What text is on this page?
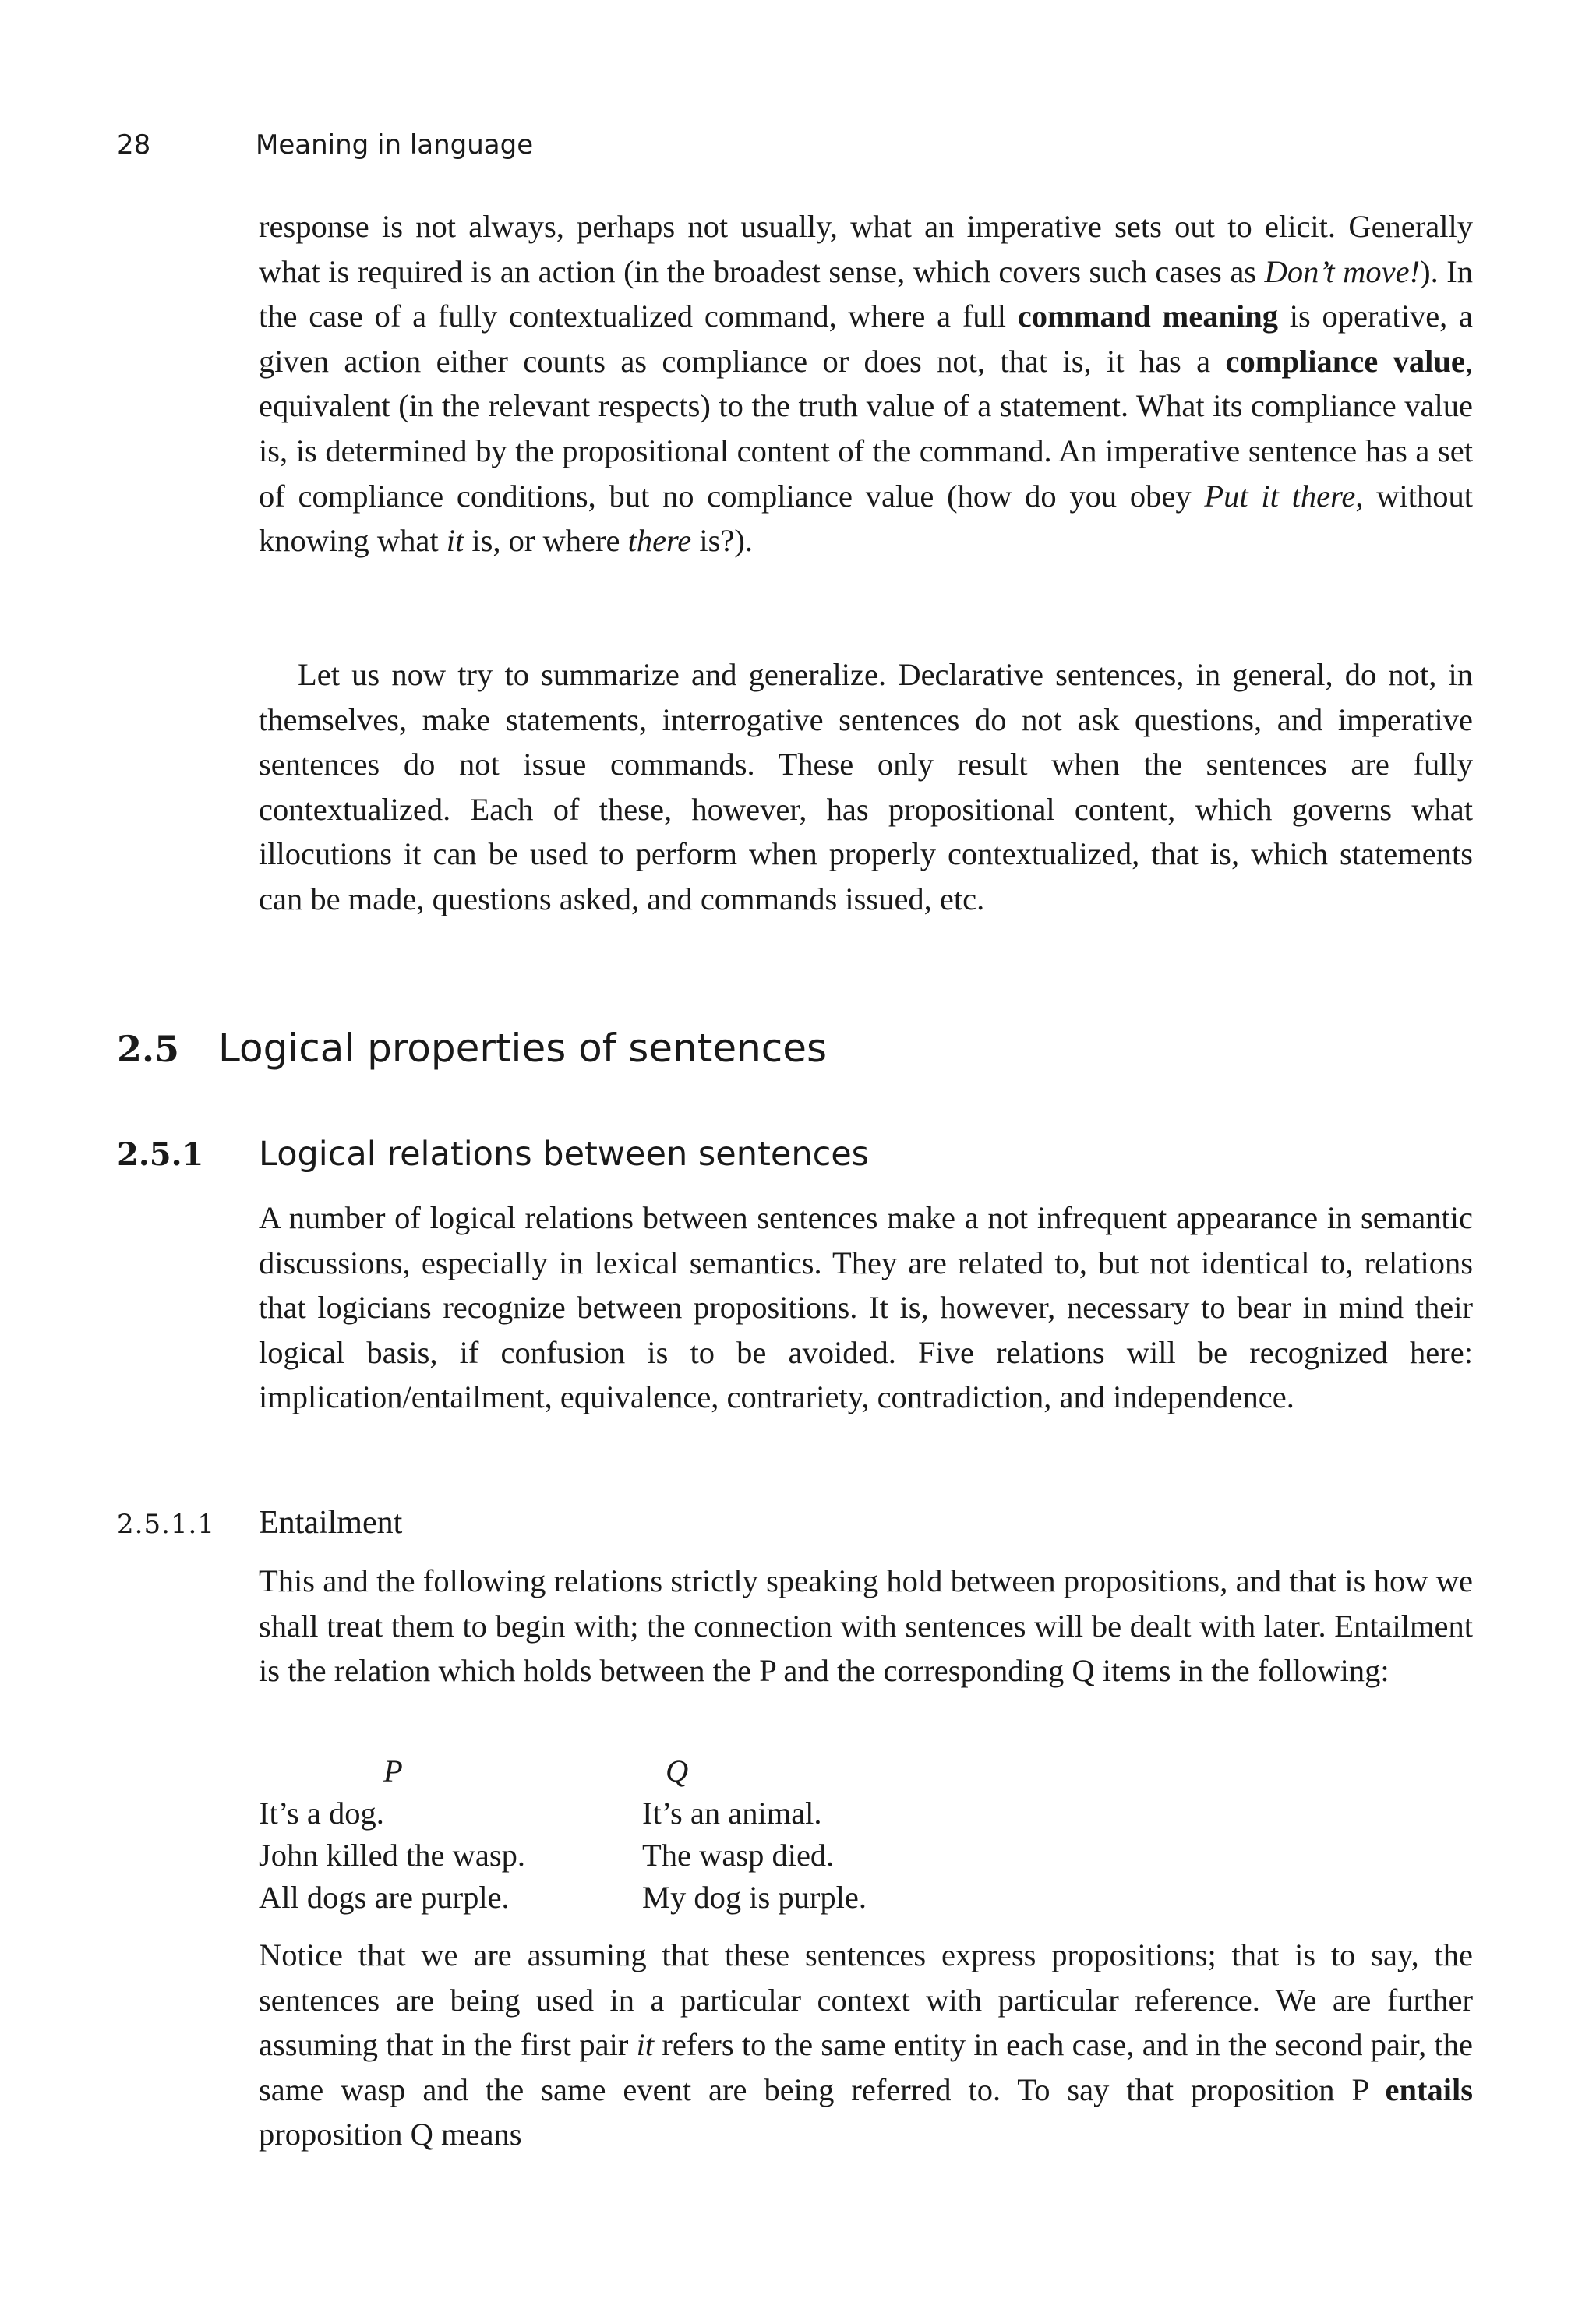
28	Meaning in language

response is not always, perhaps not usually, what an imperative sets out to elicit. Generally what is required is an action (in the broadest sense, which covers such cases as Don’t move!). In the case of a fully contextualized command, where a full command meaning is operative, a given action either counts as compliance or does not, that is, it has a compliance value, equivalent (in the relevant respects) to the truth value of a statement. What its compliance value is, is determined by the propositional content of the command. An imperative sentence has a set of compliance conditions, but no compliance value (how do you obey Put it there, without knowing what it is, or where there is?).

Let us now try to summarize and generalize. Declarative sentences, in general, do not, in themselves, make statements, interrogative sentences do not ask questions, and imperative sentences do not issue commands. These only result when the sentences are fully contextualized. Each of these, however, has propositional content, which governs what illocutions it can be used to perform when properly contextualized, that is, which statements can be made, questions asked, and commands issued, etc.

2.5 Logical properties of sentences
2.5.1 Logical relations between sentences

A number of logical relations between sentences make a not infrequent appearance in semantic discussions, especially in lexical semantics. They are related to, but not identical to, relations that logicians recognize between propositions. It is, however, necessary to bear in mind their logical basis, if confusion is to be avoided. Five relations will be recognized here: implication/entailment, equivalence, contrariety, contradiction, and independence.

2.5.1.1 Entailment

This and the following relations strictly speaking hold between propositions, and that is how we shall treat them to begin with; the connection with sentences will be dealt with later. Entailment is the relation which holds between the P and the corresponding Q items in the following:

P	Q
It’s a dog.	It’s an animal.
John killed the wasp.	The wasp died.
All dogs are purple.	My dog is purple.

Notice that we are assuming that these sentences express propositions; that is to say, the sentences are being used in a particular context with particular reference. We are further assuming that in the first pair it refers to the same entity in each case, and in the second pair, the same wasp and the same event are being referred to. To say that proposition P entails proposition Q means
